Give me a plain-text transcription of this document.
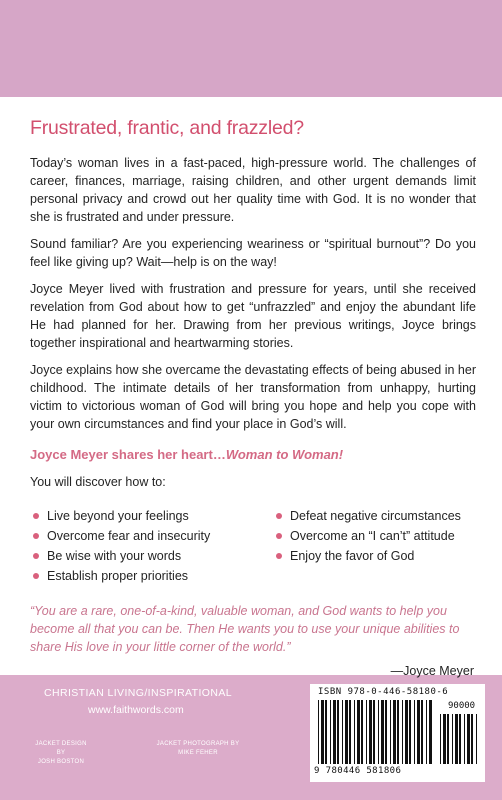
Frustrated, frantic, and frazzled?

Today’s woman lives in a fast-paced, high-pressure world. The challenges of career, finances, marriage, raising children, and other urgent demands limit personal privacy and crowd out her quality time with God. It is no wonder that she is frustrated and under pressure.

Sound familiar? Are you experiencing weariness or “spiritual burnout”? Do you feel like giving up? Wait—help is on the way!

Joyce Meyer lived with frustration and pressure for years, until she received revelation from God about how to get “unfrazzled” and enjoy the abundant life He had planned for her. Drawing from her previous writings, Joyce brings together inspirational and heartwarming stories.

Joyce explains how she overcame the devastating effects of being abused in her childhood. The intimate details of her transformation from unhappy, hurting victim to victorious woman of God will bring you hope and help you cope with your own circumstances and find your place in God’s will.

Joyce Meyer shares her heart…Woman to Woman!
You will discover how to:
Live beyond your feelings
Overcome fear and insecurity
Be wise with your words
Establish proper priorities
Defeat negative circumstances
Overcome an “I can’t” attitude
Enjoy the favor of God

“You are a rare, one-of-a-kind, valuable woman, and God wants to help you become all that you can be. Then He wants you to use your unique abilities to share His love in your little corner of the world.”

—Joyce Meyer
CHRISTIAN LIVING/INSPIRATIONAL
www.faithwords.com
JACKET DESIGN BY
JOSH BOSTON
JACKET PHOTOGRAPH BY
MIKE FEHER
ISBN 978-0-446-58180-6
90000
9 780446 581806
